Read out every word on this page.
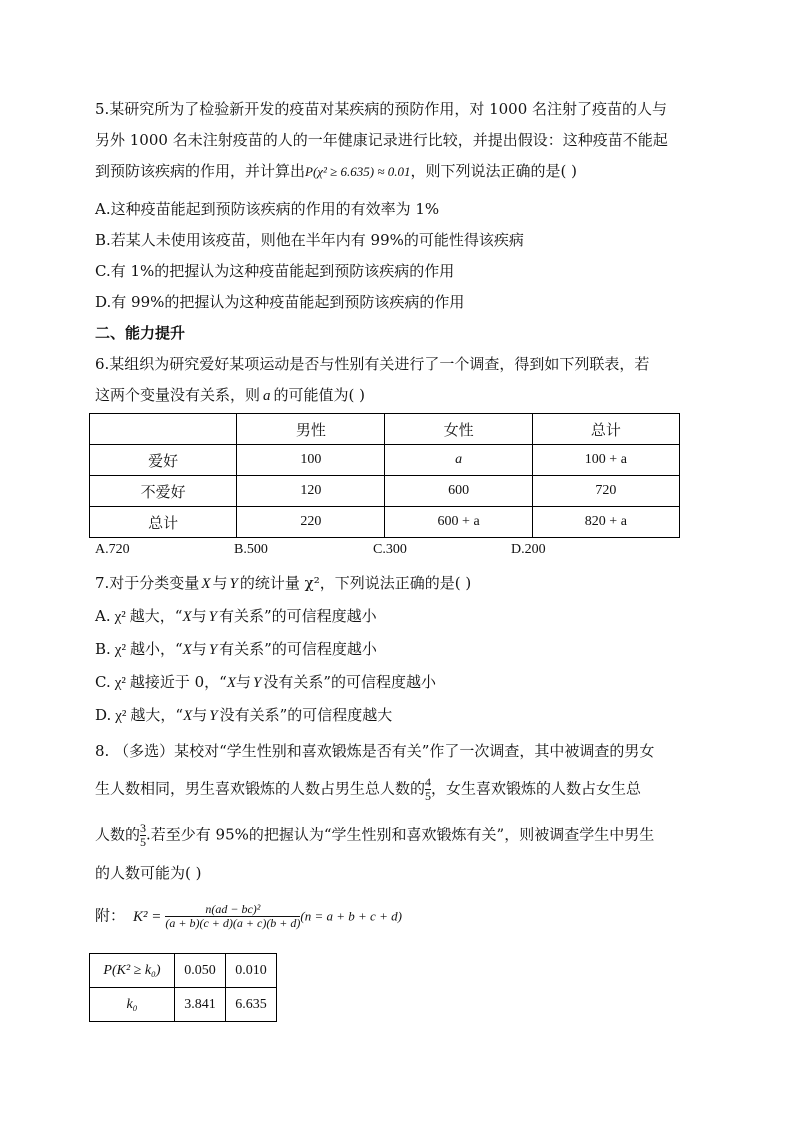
5.某研究所为了检验新开发的疫苗对某疾病的预防作用，对 1000 名注射了疫苗的人与
另外 1000 名未注射疫苗的人的一年健康记录进行比较，并提出假设：这种疫苗不能起
到预防该疾病的作用，并计算出P(χ² ≥ 6.635) ≈ 0.01，则下列说法正确的是( )
A.这种疫苗能起到预防该疾病的作用的有效率为 1%
B.若某人未使用该疫苗，则他在半年内有 99%的可能性得该疾病
C.有 1%的把握认为这种疫苗能起到预防该疾病的作用
D.有 99%的把握认为这种疫苗能起到预防该疾病的作用
二、能力提升
6.某组织为研究爱好某项运动是否与性别有关进行了一个调查，得到如下列联表，若
这两个变量没有关系，则 a 的可能值为( )
	男性	女性	总计
爱好	100	a	100 + a
不爱好	120	600	720
总计	220	600 + a	820 + a
A.720	B.500	C.300	D.200
7.对于分类变量 X 与 Y 的统计量 χ²，下列说法正确的是( )
A. χ² 越大，“X与 Y 有关系”的可信程度越小
B. χ² 越小，“X与 Y 有关系”的可信程度越小
C. χ² 越接近于 0，“X与 Y 没有关系”的可信程度越小
D. χ² 越大，“X与 Y 没有关系”的可信程度越大
8. （多选）某校对“学生性别和喜欢锻炼是否有关”作了一次调查，其中被调查的男女
生人数相同，男生喜欢锻炼的人数占男生总人数的 $\frac{4}{5}$ ，女生喜欢锻炼的人数占女生总
人数的 $\frac{3}{5}$ .若至少有 95%的把握认为“学生性别和喜欢锻炼有关”，则被调查学生中男生
的人数可能为( )
附： $K^2 = \frac{\text{n(ad − bc)²}}{(a + b)(c + d)(a + c)(b + d)} (n = a + b + c + d)$
P(K² ≥ k₀)	0.050	0.010
k₀	3.841	6.635
